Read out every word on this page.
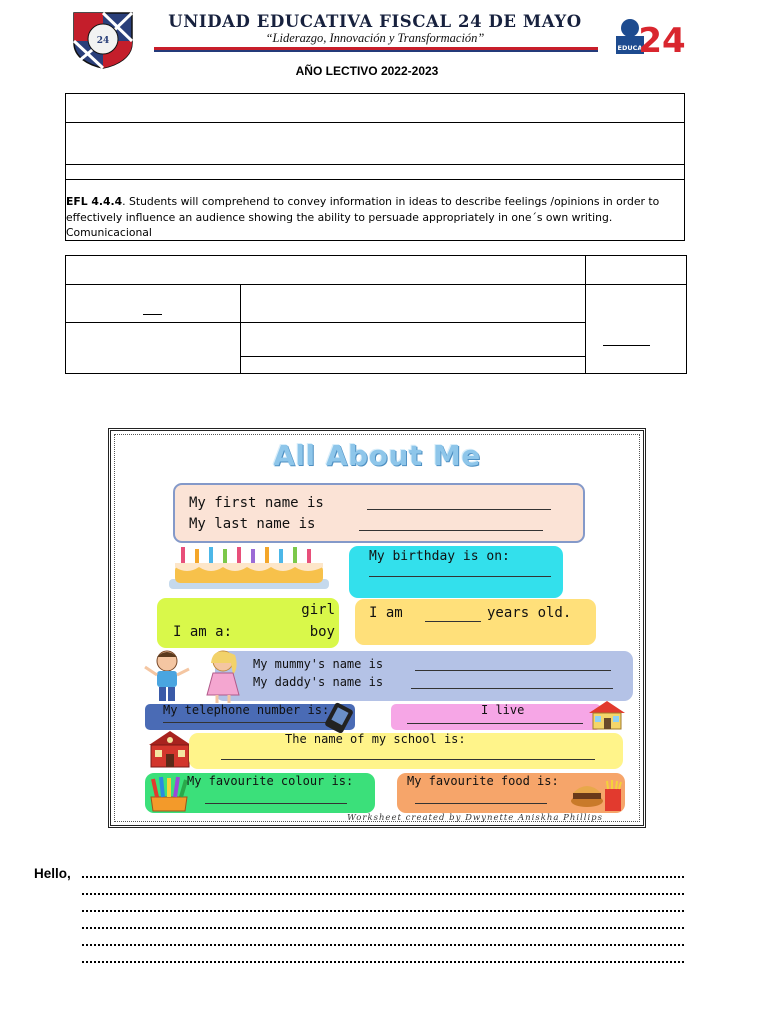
24
UNIDAD EDUCATIVA FISCAL 24 DE MAYO
“Liderazgo, Innovación y Transformación”
EDUCA
24
AÑO LECTIVO 2022-2023
EFL 4.4.4. Students will comprehend to convey information in ideas to describe feelings /opinions in order to effectively influence an audience showing the ability to persuade appropriately in one´s own writing.
Comunicacional
All About Me
My first name is
My last name is
My birthday is on:
girl
I am a:	boy
I am	years old.
My mummy's name is
My daddy's name is
My telephone number is:	I live
The name of my school is:
My favourite colour is:	My favourite food is:
Worksheet created by Dwynette Aniskha Phillips
Hello,
